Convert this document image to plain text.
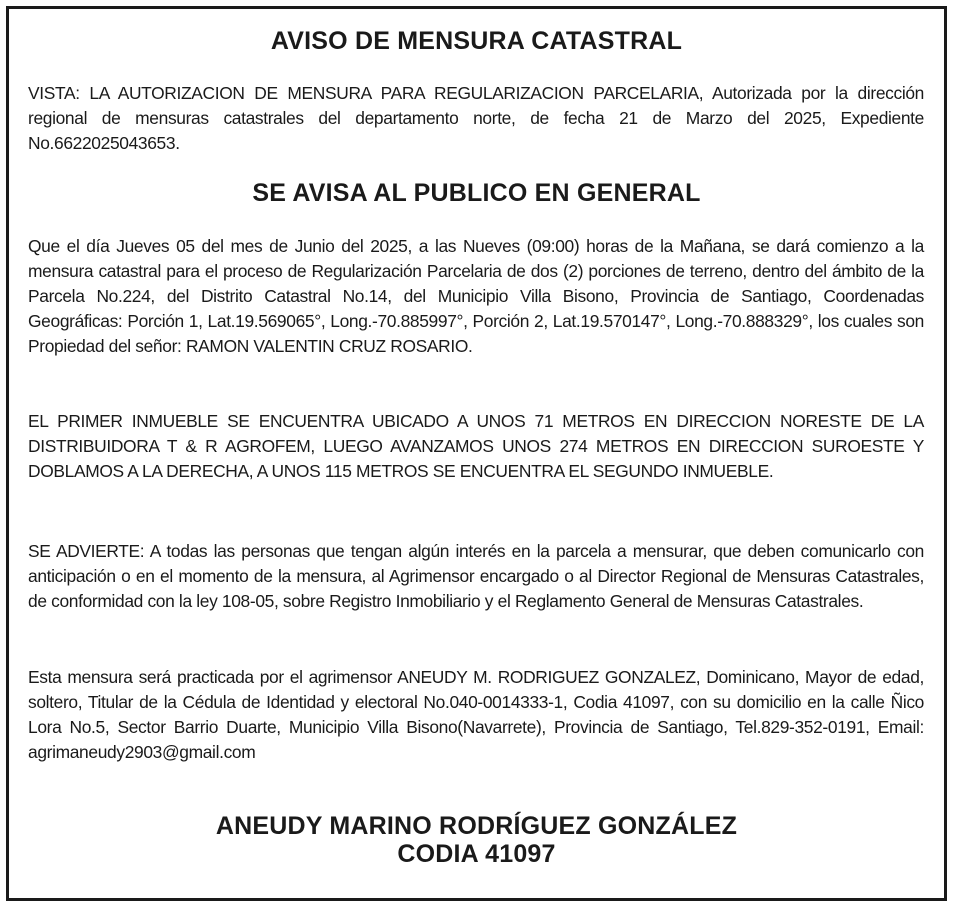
AVISO DE MENSURA CATASTRAL

VISTA: LA AUTORIZACION DE MENSURA PARA REGULARIZACION PARCELARIA, Autorizada por la dirección regional de mensuras catastrales del departamento norte, de fecha 21 de Marzo del 2025, Expediente No.6622025043653.

SE AVISA AL PUBLICO EN GENERAL

Que el día Jueves 05 del mes de Junio del 2025, a las Nueves (09:00) horas de la Mañana, se dará comienzo a la mensura catastral para el proceso de Regularización Parcelaria de dos (2) porciones de terreno, dentro del ámbito de la Parcela No.224, del Distrito Catastral No.14, del Municipio Villa Bisono, Provincia de Santiago, Coordenadas Geográficas: Porción 1, Lat.19.569065°, Long.-70.885997°, Porción 2, Lat.19.570147°, Long.-70.888329°, los cuales son Propiedad del señor: RAMON VALENTIN CRUZ ROSARIO.

EL PRIMER INMUEBLE SE ENCUENTRA UBICADO A UNOS 71 METROS EN DIRECCION NORESTE DE LA DISTRIBUIDORA T & R AGROFEM, LUEGO AVANZAMOS UNOS 274 METROS EN DIRECCION SUROESTE Y DOBLAMOS A LA DERECHA, A UNOS 115 METROS SE ENCUENTRA EL SEGUNDO INMUEBLE.

SE ADVIERTE: A todas las personas que tengan algún interés en la parcela a mensurar, que deben comunicarlo con anticipación o en el momento de la mensura, al Agrimensor encargado o al Director Regional de Mensuras Catastrales, de conformidad con la ley 108-05, sobre Registro Inmobiliario y el Reglamento General de Mensuras Catastrales.

Esta mensura será practicada por el agrimensor ANEUDY M. RODRIGUEZ GONZALEZ, Dominicano, Mayor de edad, soltero, Titular de la Cédula de Identidad y electoral No.040-0014333-1, Codia 41097, con su domicilio en la calle Ñico Lora No.5, Sector Barrio Duarte, Municipio Villa Bisono(Navarrete), Provincia de Santiago, Tel.829-352-0191, Email: agrimaneudy2903@gmail.com

ANEUDY MARINO RODRÍGUEZ GONZÁLEZ
CODIA 41097
